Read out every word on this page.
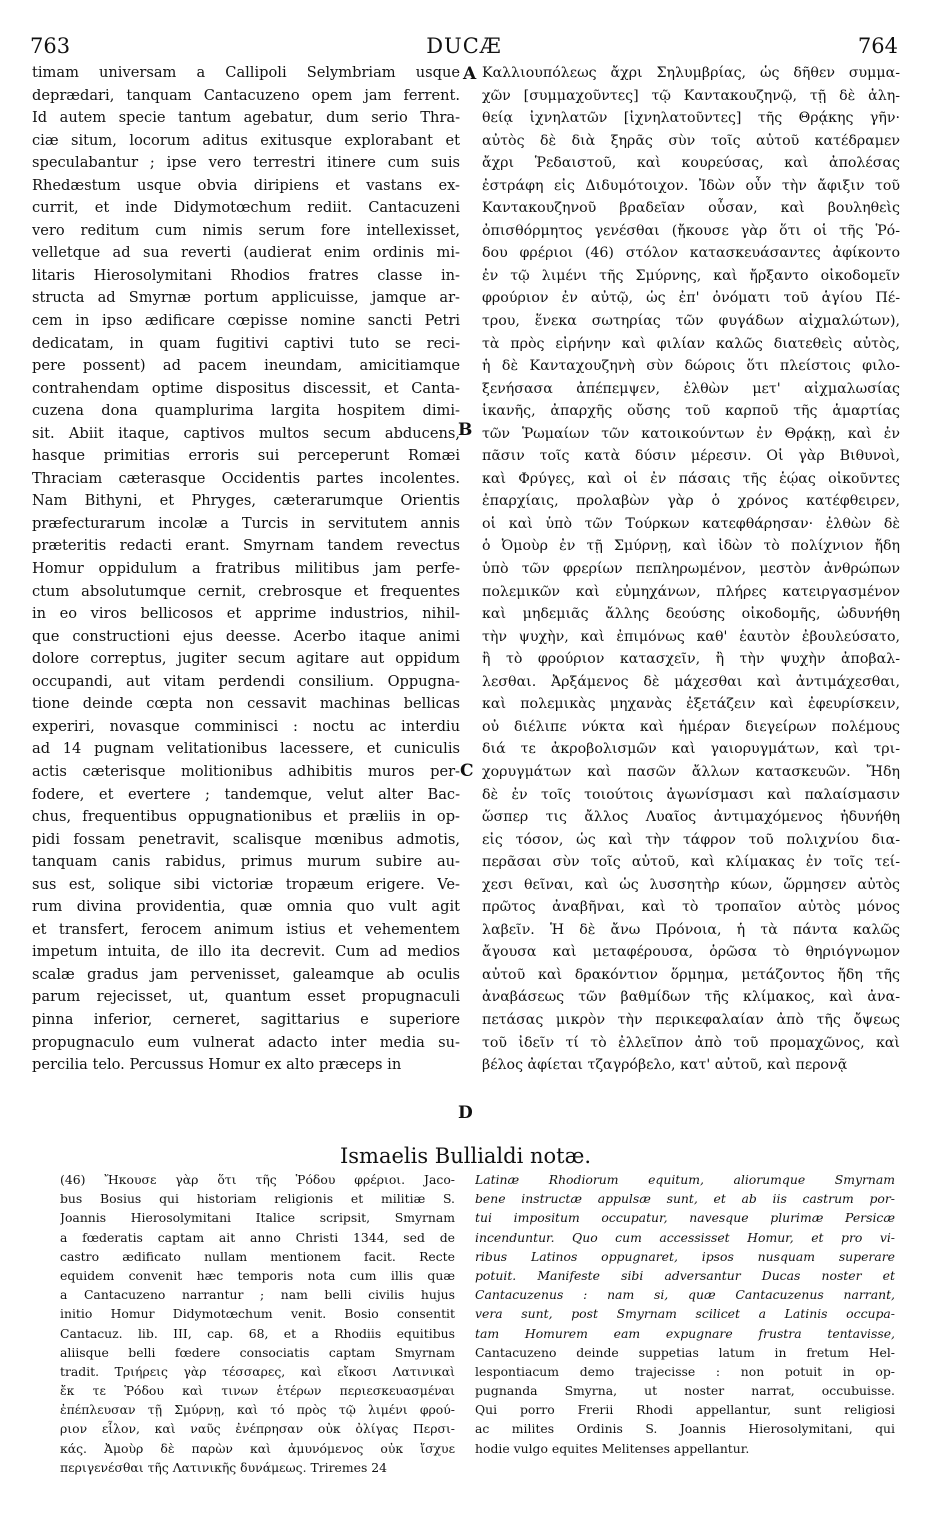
763	DUCÆ	764
timam universam a Callipoli Selymbriam usque
deprædari, tanquam Cantacuzeno opem jam ferrent.
Id autem specie tantum agebatur, dum serio Thra-
ciæ situm, locorum aditus exitusque explorabant et
speculabantur ; ipse vero terrestri itinere cum suis
Rhedæstum usque obvia diripiens et vastans ex-
currit, et inde Didymotœchum rediit. Cantacuzeni
vero reditum cum nimis serum fore intellexisset,
velletque ad sua reverti (audierat enim ordinis mi-
litaris Hierosolymitani Rhodios fratres classe in-
structa ad Smyrnæ portum applicuisse, jamque ar-
cem in ipso ædificare cœpisse nomine sancti Petri
dedicatam, in quam fugitivi captivi tuto se reci-
pere possent) ad pacem ineundam, amicitiamque
contrahendam optime dispositus discessit, et Canta-
cuzena dona quamplurima largita hospitem dimi-
sit. Abiit itaque, captivos multos secum abducens,
hasque primitias erroris sui perceperunt Romæi
Thraciam cæterasque Occidentis partes incolentes.
Nam Bithyni, et Phryges, cæterarumque Orientis
præfecturarum incolæ a Turcis in servitutem annis
præteritis redacti erant. Smyrnam tandem revectus
Homur oppidulum a fratribus militibus jam perfe-
ctum absolutumque cernit, crebrosque et frequentes
in eo viros bellicosos et apprime industrios, nihil-
que constructioni ejus deesse. Acerbo itaque animi
dolore correptus, jugiter secum agitare aut oppidum
occupandi, aut vitam perdendi consilium. Oppugna-
tione deinde cœpta non cessavit machinas bellicas
experiri, novasque comminisci : noctu ac interdiu
ad 14 pugnam velitationibus lacessere, et cuniculis
actis cæterisque molitionibus adhibitis muros per-
fodere, et evertere ; tandemque, velut alter Bac-
chus, frequentibus oppugnationibus et præliis in op-
pidi fossam penetravit, scalisque mœnibus admotis,
tanquam canis rabidus, primus murum subire au-
sus est, solique sibi victoriæ tropæum erigere. Ve-
rum divina providentia, quæ omnia quo vult agit
et transfert, ferocem animum istius et vehementem
impetum intuita, de illo ita decrevit. Cum ad medios
scalæ gradus jam pervenisset, galeamque ab oculis
parum rejecisset, ut, quantum esset propugnaculi
pinna inferior, cerneret, sagittarius e superiore
propugnaculo eum vulnerat adacto inter media su-
percilia telo. Percussus Homur ex alto præceps in
Καλλιουπόλεως ἄχρι Σηλυμβρίας, ὡς δῆθεν συμμα-
χῶν [συμμαχοῦντες] τῷ Καντακουζηνῷ, τῇ δὲ ἀλη-
θείᾳ ἰχνηλατῶν [ἰχνηλατοῦντες] τῆς Θρᾴκης γῆν·
αὐτὸς δὲ διὰ ξηρᾶς σὺν τοῖς αὐτοῦ κατέδραμεν
ἄχρι Ῥεδαιστοῦ, καὶ κουρεύσας, καὶ ἀπολέσας
ἐστράφη εἰς Διδυμότοιχον. Ἰδὼν οὖν τὴν ἄφιξιν τοῦ
Καντακουζηνοῦ βραδεῖαν οὖσαν, καὶ βουληθεὶς
ὀπισθόρμητος γενέσθαι (ἤκουσε γὰρ ὅτι οἱ τῆς Ῥό-
δου φρέριοι (46) στόλον κατασκευάσαντες ἀφίκοντο
ἐν τῷ λιμένι τῆς Σμύρνης, καὶ ἤρξαντο οἰκοδομεῖν
φρούριον ἐν αὐτῷ, ὡς ἐπ' ὀνόματι τοῦ ἁγίου Πέ-
τρου, ἕνεκα σωτηρίας τῶν φυγάδων αἰχμαλώτων),
τὰ πρὸς εἰρήνην καὶ φιλίαν καλῶς διατεθεὶς αὐτὸς,
ἡ δὲ Κανταχουζηνὴ σὺν δώροις ὅτι πλείστοις φιλο-
ξενήσασα ἀπέπεμψεν, ἐλθὼν μετ' αἰχμαλωσίας
ἱκανῆς, ἀπαρχῆς οὔσης τοῦ καρποῦ τῆς ἁμαρτίας
τῶν Ῥωμαίων τῶν κατοικούντων ἐν Θρᾴκῃ, καὶ ἐν
πᾶσιν τοῖς κατὰ δύσιν μέρεσιν. Οἱ γὰρ Βιθυνοὶ,
καὶ Φρύγες, καὶ οἱ ἐν πάσαις τῆς ἑῴας οἰκοῦντες
ἐπαρχίαις, προλαβὼν γὰρ ὁ χρόνος κατέφθειρεν,
οἱ καὶ ὑπὸ τῶν Τούρκων κατεφθάρησαν· ἐλθὼν δὲ
ὁ Ὀμοὺρ ἐν τῇ Σμύρνῃ, καὶ ἰδὼν τὸ πολίχνιον ἤδη
ὑπὸ τῶν φρερίων πεπληρωμένον, μεστὸν ἀνθρώπων
πολεμικῶν καὶ εὐμηχάνων, πλήρες κατειργασμένον
καὶ μηδεμιᾶς ἄλλης δεούσης οἰκοδομῆς, ὠδυνήθη
τὴν ψυχὴν, καὶ ἐπιμόνως καθ' ἑαυτὸν ἐβουλεύσατο,
ἢ τὸ φρούριον κατασχεῖν, ἢ τὴν ψυχὴν ἀποβαλ-
λεσθαι. Ἀρξάμενος δὲ μάχεσθαι καὶ ἀντιμάχεσθαι,
καὶ πολεμικὰς μηχανὰς ἐξετάζειν καὶ ἐφευρίσκειν,
οὐ διέλιπε νύκτα καὶ ἡμέραν διεγείρων πολέμους
διά τε ἀκροβολισμῶν καὶ γαιορυγμάτων, καὶ τρι-
χορυγμάτων καὶ πασῶν ἄλλων κατασκευῶν. Ἤδη
δὲ ἐν τοῖς τοιούτοις ἀγωνίσμασι καὶ παλαίσμασιν
ὥσπερ τις ἄλλος Λυαῖος ἀντιμαχόμενος ἠδυνήθη
εἰς τόσον, ὡς καὶ τὴν τάφρον τοῦ πολιχνίου δια-
περᾶσαι σὺν τοῖς αὐτοῦ, καὶ κλίμακας ἐν τοῖς τεί-
χεσι θεῖναι, καὶ ὡς λυσσητὴρ κύων, ὥρμησεν αὐτὸς
πρῶτος ἀναβῆναι, καὶ τὸ τροπαῖον αὐτὸς μόνος
λαβεῖν. Ἡ δὲ ἄνω Πρόνοια, ἡ τὰ πάντα καλῶς
ἄγουσα καὶ μεταφέρουσα, ὁρῶσα τὸ θηριόγνωμον
αὐτοῦ καὶ δρακόντιον ὅρμημα, μετάζοντος ἤδη τῆς
ἀναβάσεως τῶν βαθμίδων τῆς κλίμακος, καὶ ἀνα-
πετάσας μικρὸν τὴν περικεφαλαίαν ἀπὸ τῆς ὄψεως
τοῦ ἰδεῖν τί τὸ ἐλλεῖπον ἀπὸ τοῦ προμαχῶνος, καὶ
βέλος ἀφίεται τζαγρόβελο, κατ' αὐτοῦ, καὶ περονᾷ
A
B
C
D
Ismaelis Bullialdi notæ.
(46) Ἤκουσε γὰρ ὅτι τῆς Ῥόδου φρέριοι. Jaco-
bus Bosius qui historiam religionis et militiæ S.
Joannis Hierosolymitani Italice scripsit, Smyrnam
a fœderatis captam ait anno Christi 1344, sed de
castro ædificato nullam mentionem facit. Recte
equidem convenit hæc temporis nota cum illis quæ
a Cantacuzeno narrantur ; nam belli civilis hujus
initio Homur Didymotœchum venit. Bosio consentit
Cantacuz. lib. III, cap. 68, et a Rhodiis equitibus
aliisque belli fœdere consociatis captam Smyrnam
tradit. Τριήρεις γὰρ τέσσαρες, καὶ εἴκοσι Λατινικαὶ
ἔκ τε Ῥόδου καὶ τινων ἑτέρων περιεσκευασμέναι
ἐπέπλευσαν τῇ Σμύρνῃ, καὶ τό πρὸς τῷ λιμένι φρού-
ριον εἷλον, καὶ ναῦς ἐνέπρησαν οὐκ ὀλίγας Περσι-
κάς. Ἀμοὺρ δὲ παρὼν καὶ ἀμυνόμενος οὐκ ἴσχυε
περιγενέσθαι τῆς Λατινικῆς δυνάμεως. Triremes 24
Latinæ Rhodiorum equitum, aliorumque Smyrnam
bene instructæ appulsæ sunt, et ab iis castrum por-
tui impositum occupatur, navesque plurimæ Persicæ
incenduntur. Quo cum accessisset Homur, et pro vi-
ribus Latinos oppugnaret, ipsos nusquam superare
potuit. Manifeste sibi adversantur Ducas noster et
Cantacuzenus : nam si, quæ Cantacuzenus narrant,
vera sunt, post Smyrnam scilicet a Latinis occupa-
tam Homurem eam expugnare frustra tentavisse,
Cantacuzeno deinde suppetias latum in fretum Hel-
lespontiacum demo trajecisse : non potuit in op-
pugnanda Smyrna, ut noster narrat, occubuisse.
Qui porro Frerii Rhodi appellantur, sunt religiosi
ac milites Ordinis S. Joannis Hierosolymitani, qui
hodie vulgo equites Melitenses appellantur.
